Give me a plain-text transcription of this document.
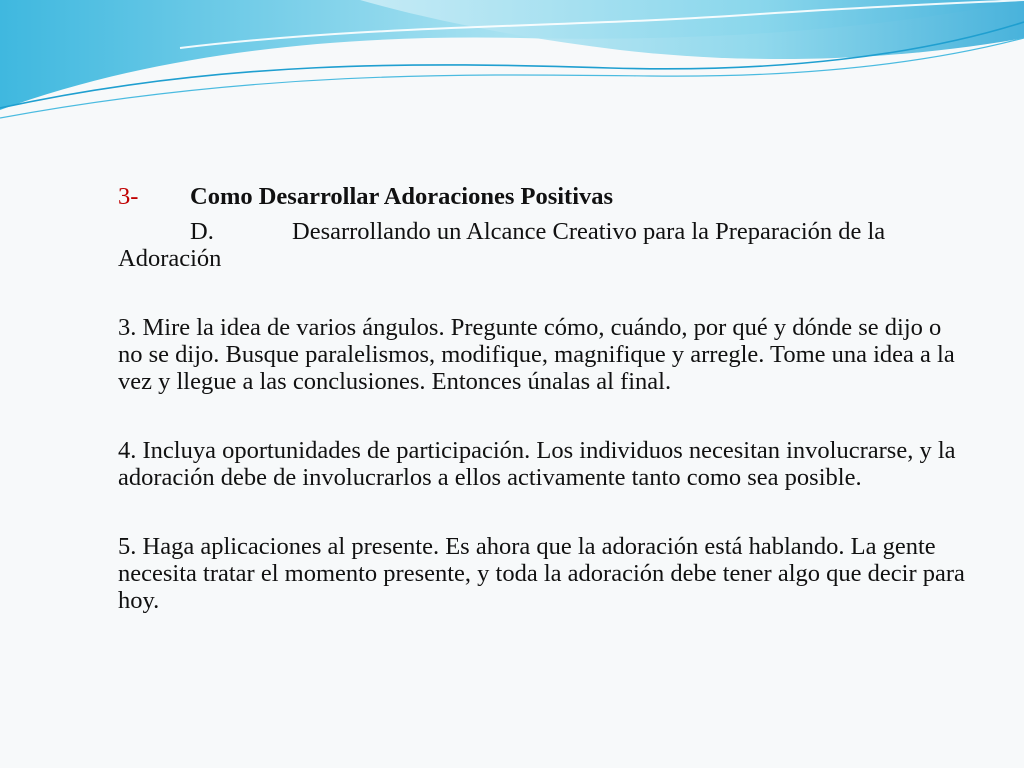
3-	Como Desarrollar Adoraciones Positivas

D.	Desarrollando un Alcance Creativo para la Preparación de la Adoración

3. Mire la idea de varios ángulos. Pregunte cómo, cuándo, por qué y dónde se dijo o no se dijo. Busque paralelismos, modifique, magnifique y arregle. Tome una idea a la vez y llegue a las conclusiones. Entonces únalas al final.

4. Incluya oportunidades de participación. Los individuos necesitan involucrarse, y la adoración debe de involucrarlos a ellos activamente tanto como sea posible.

5. Haga aplicaciones al presente. Es ahora que la adoración está hablando. La gente necesita tratar el momento presente, y toda la adoración debe tener algo que decir para hoy.
